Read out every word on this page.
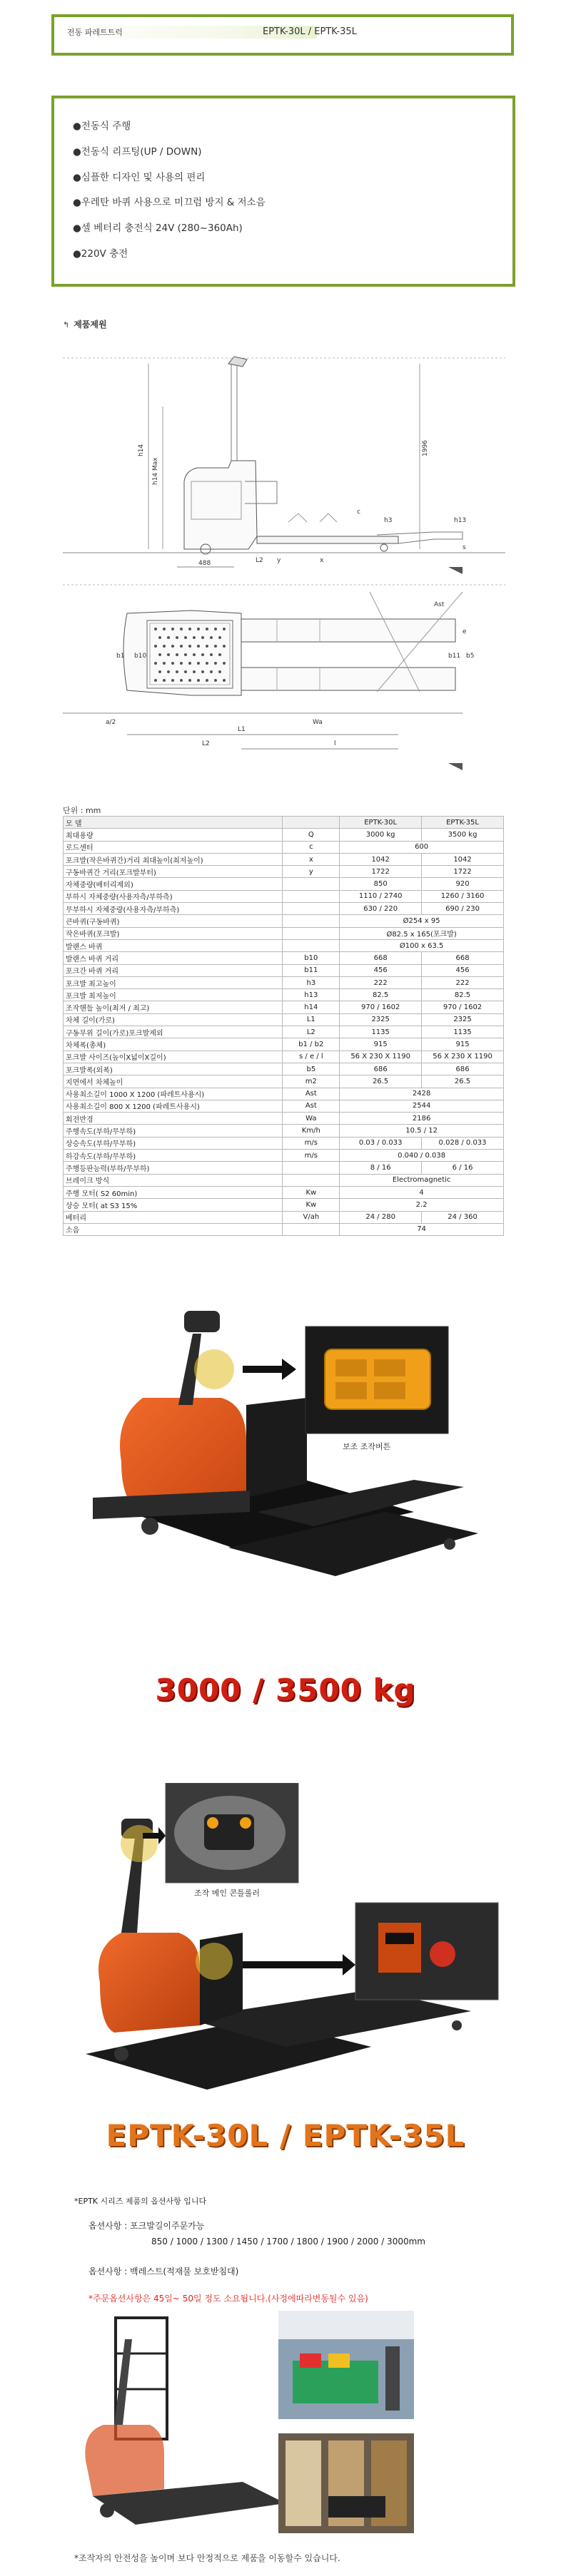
전동 파레트트럭	EPTK-30L / EPTK-35L
●전동식 주행
●전동식 리프팅(UP / DOWN)
●심플한 디자인 및 사용의 편리
●우레탄 바퀴 사용으로 미끄럼 방지 & 저소음
●셀 베터리 충전식 24V (280~360Ah)
●220V 충전
↰ 제품제원
h14
h14 Max
1996
488
c
h3	h13
x
y
s
L2
L1
L2	l
b1 b10	b5
b11
e
Ast
Wa
a/2
단위 : mm
모 델		EPTK-30L	EPTK-35L
최대용량	Q	3000 kg	3500 kg
로드센터	c	600	
포크발(작은바퀴간)거리 최대높이(최저높이)	x	1042	1042
구동바퀴간 거리(포크발부터)	y	1722	1722
자체중량(배터리제외)		850	920
부하시 자체중량(사용자측/부하측)		1110 / 2740	1260 / 3160
무부하시 자체중량(사용자측/부하측)		630 / 220	690 / 230
큰바퀴(구동바퀴)		Ø254 x 95	
작은바퀴(포크발)		Ø82.5 x 165(포크발)	
발랜스 바퀴		Ø100 x 63.5	
발랜스 바퀴 거리	b10	668	668
포크간 바퀴 거리	b11	456	456
포크발 최고높이	h3	222	222
포크발 최저높이	h13	82.5	82.5
조작핸들 높이(최저 / 최고)	h14	970 / 1602	970 / 1602
차체 길이(가로)	L1	2325	2325
구동부위 길이(가로)포크발제외	L2	1135	1135
차체폭(총체)	b1 / b2	915	915
포크발 사이즈(높이X넓이X길이)	s / e / l	56 X 230 X 1190	56 X 230 X 1190
포크발폭(외폭)	b5	686	686
지면에서 차체높이	m2	26.5	26.5
사용최소길이 1000 X 1200 (파레트사용시)	Ast	2428	
사용최소길이 800 X 1200 (파레트사용시)	Ast	2544	
회전반경	Wa	2186	
주행속도(부하/무부하)	Km/h	10.5 / 12	
상승속도(부하/무부하)	m/s	0.03 / 0.033	0.028 / 0.033
하강속도(부하/무부하)	m/s	0.040 / 0.038	
주행등판능력(부하/무부하)		8 / 16	6 / 16
브레이크 방식		Electromagnetic	
주행 모터( S2 60min)	Kw	4	
상승 모터( at S3 15%	Kw	2.2	
베터리	V/ah	24 / 280	24 / 360
소음		74	
보조 조작버튼
3000 / 3500 kg
조작 메인 콘틀롤러
충전케이블 및 전원버튼(비상)
EPTK-30L / EPTK-35L
*EPTK 시리즈 제품의 옵션사항 입니다
옵션사항 : 포크발길이주문가능
850 / 1000 / 1300 / 1450 / 1700 / 1800 / 1900 / 2000 / 3000mm
옵션사항 : 백레스트(적재물 보호받침대)
*주문옵션사항은 45일~ 50일 정도 소요됩니다.(사정에따라변동될수 있음)
*조작자의 안전성을 높이며 보다 안정적으로 제품을 이동할수 있습니다.
